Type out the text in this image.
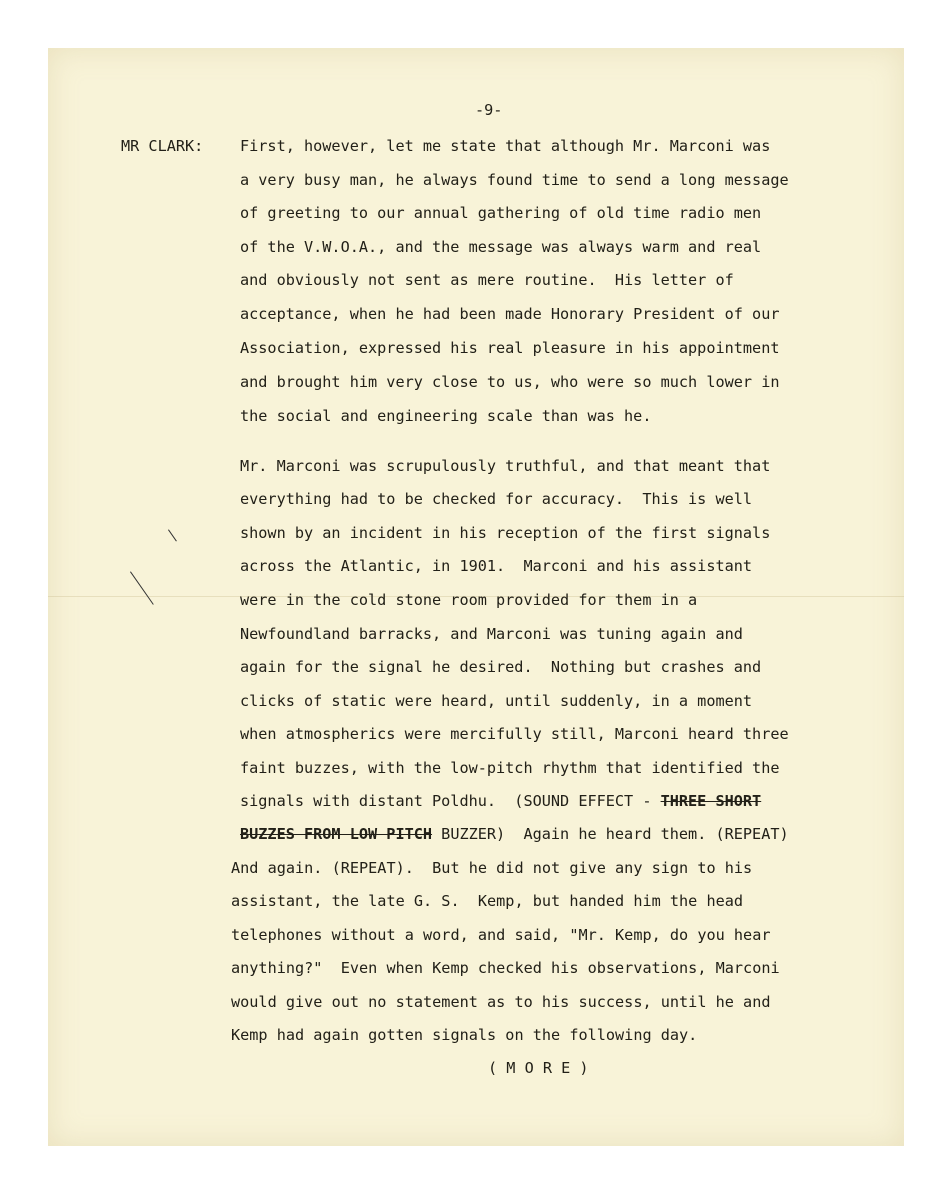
-9-
MR CLARK: First, however, let me state that although Mr. Marconi was
a very busy man, he always found time to send a long message
of greeting to our annual gathering of old time radio men
of the V.W.O.A., and the message was always warm and real
and obviously not sent as mere routine.  His letter of
acceptance, when he had been made Honorary President of our
Association, expressed his real pleasure in his appointment
and brought him very close to us, who were so much lower in
the social and engineering scale than was he.
Mr. Marconi was scrupulously truthful, and that meant that
everything had to be checked for accuracy.  This is well
shown by an incident in his reception of the first signals
across the Atlantic, in 1901.  Marconi and his assistant
were in the cold stone room provided for them in a
Newfoundland barracks, and Marconi was tuning again and
again for the signal he desired.  Nothing but crashes and
clicks of static were heard, until suddenly, in a moment
when atmospherics were mercifully still, Marconi heard three
faint buzzes, with the low-pitch rhythm that identified the
signals with distant Poldhu.  (SOUND EFFECT - THREE SHORT
BUZZES FROM LOW PITCH BUZZER)  Again he heard them. (REPEAT)
And again. (REPEAT).  But he did not give any sign to his
assistant, the late G. S.  Kemp, but handed him the head
telephones without a word, and said, "Mr. Kemp, do you hear
anything?"  Even when Kemp checked his observations, Marconi
would give out no statement as to his success, until he and
Kemp had again gotten signals on the following day.
( M O R E )
